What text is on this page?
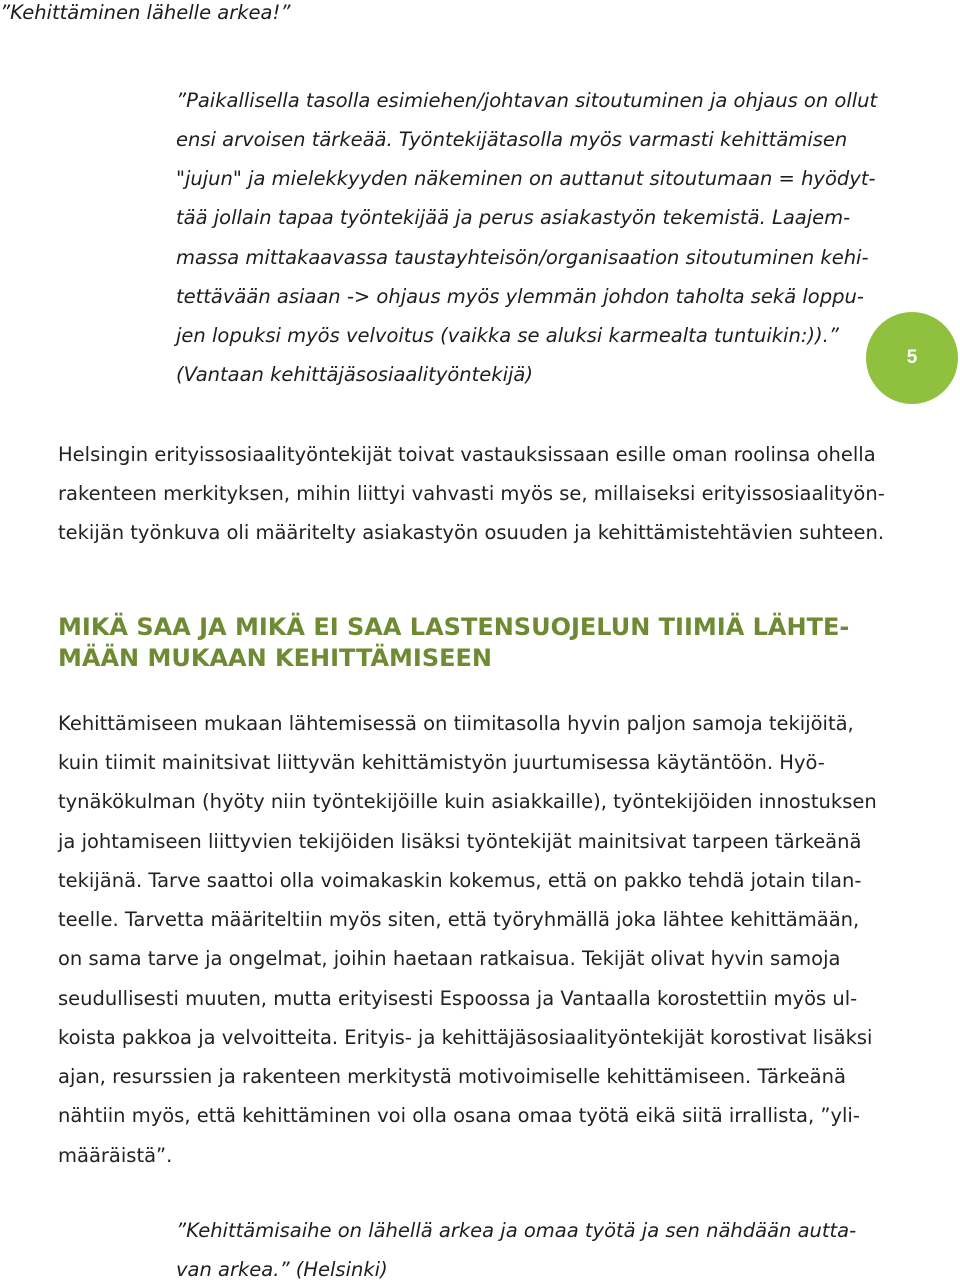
”Kehittäminen lähelle arkea!”
”Paikallisella tasolla esimiehen/johtavan sitoutuminen ja ohjaus on ollut
ensi arvoisen tärkeää. Työntekijätasolla myös varmasti kehittämisen
"jujun" ja mielekkyyden näkeminen on auttanut sitoutumaan = hyödyt-
tää jollain tapaa työntekijää ja perus asiakastyön tekemistä. Laajem-
massa mittakaavassa taustayhteisön/organisaation sitoutuminen kehi-
tettävään asiaan -> ohjaus myös ylemmän johdon taholta sekä loppu-
jen lopuksi myös velvoitus (vaikka se aluksi karmealta tuntuikin:)).”
(Vantaan kehittäjäsosiaalityöntekijä)
5
Helsingin erityissosiaalityöntekijät toivat vastauksissaan esille oman roolinsa ohella
rakenteen merkityksen, mihin liittyi vahvasti myös se, millaiseksi erityissosiaalityön-
tekijän työnkuva oli määritelty asiakastyön osuuden ja kehittämistehtävien suhteen.
MIKÄ SAA JA MIKÄ EI SAA LASTENSUOJELUN TIIMIÄ LÄHTE-
MÄÄN MUKAAN KEHITTÄMISEEN
Kehittämiseen mukaan lähtemisessä on tiimitasolla hyvin paljon samoja tekijöitä,
kuin tiimit mainitsivat liittyvän kehittämistyön juurtumisessa käytäntöön. Hyö-
tynäkökulman (hyöty niin työntekijöille kuin asiakkaille), työntekijöiden innostuksen
ja johtamiseen liittyvien tekijöiden lisäksi työntekijät mainitsivat tarpeen tärkeänä
tekijänä. Tarve saattoi olla voimakaskin kokemus, että on pakko tehdä jotain tilan-
teelle. Tarvetta määriteltiin myös siten, että työryhmällä joka lähtee kehittämään,
on sama tarve ja ongelmat, joihin haetaan ratkaisua. Tekijät olivat hyvin samoja
seudullisesti muuten, mutta erityisesti Espoossa ja Vantaalla korostettiin myös ul-
koista pakkoa ja velvoitteita. Erityis- ja kehittäjäsosiaalityöntekijät korostivat lisäksi
ajan, resurssien ja rakenteen merkitystä motivoimiselle kehittämiseen. Tärkeänä
nähtiin myös, että kehittäminen voi olla osana omaa työtä eikä siitä irrallista, ”yli-
määräistä”.
”Kehittämisaihe on lähellä arkea ja omaa työtä ja sen nähdään autta-
van arkea.” (Helsinki)
